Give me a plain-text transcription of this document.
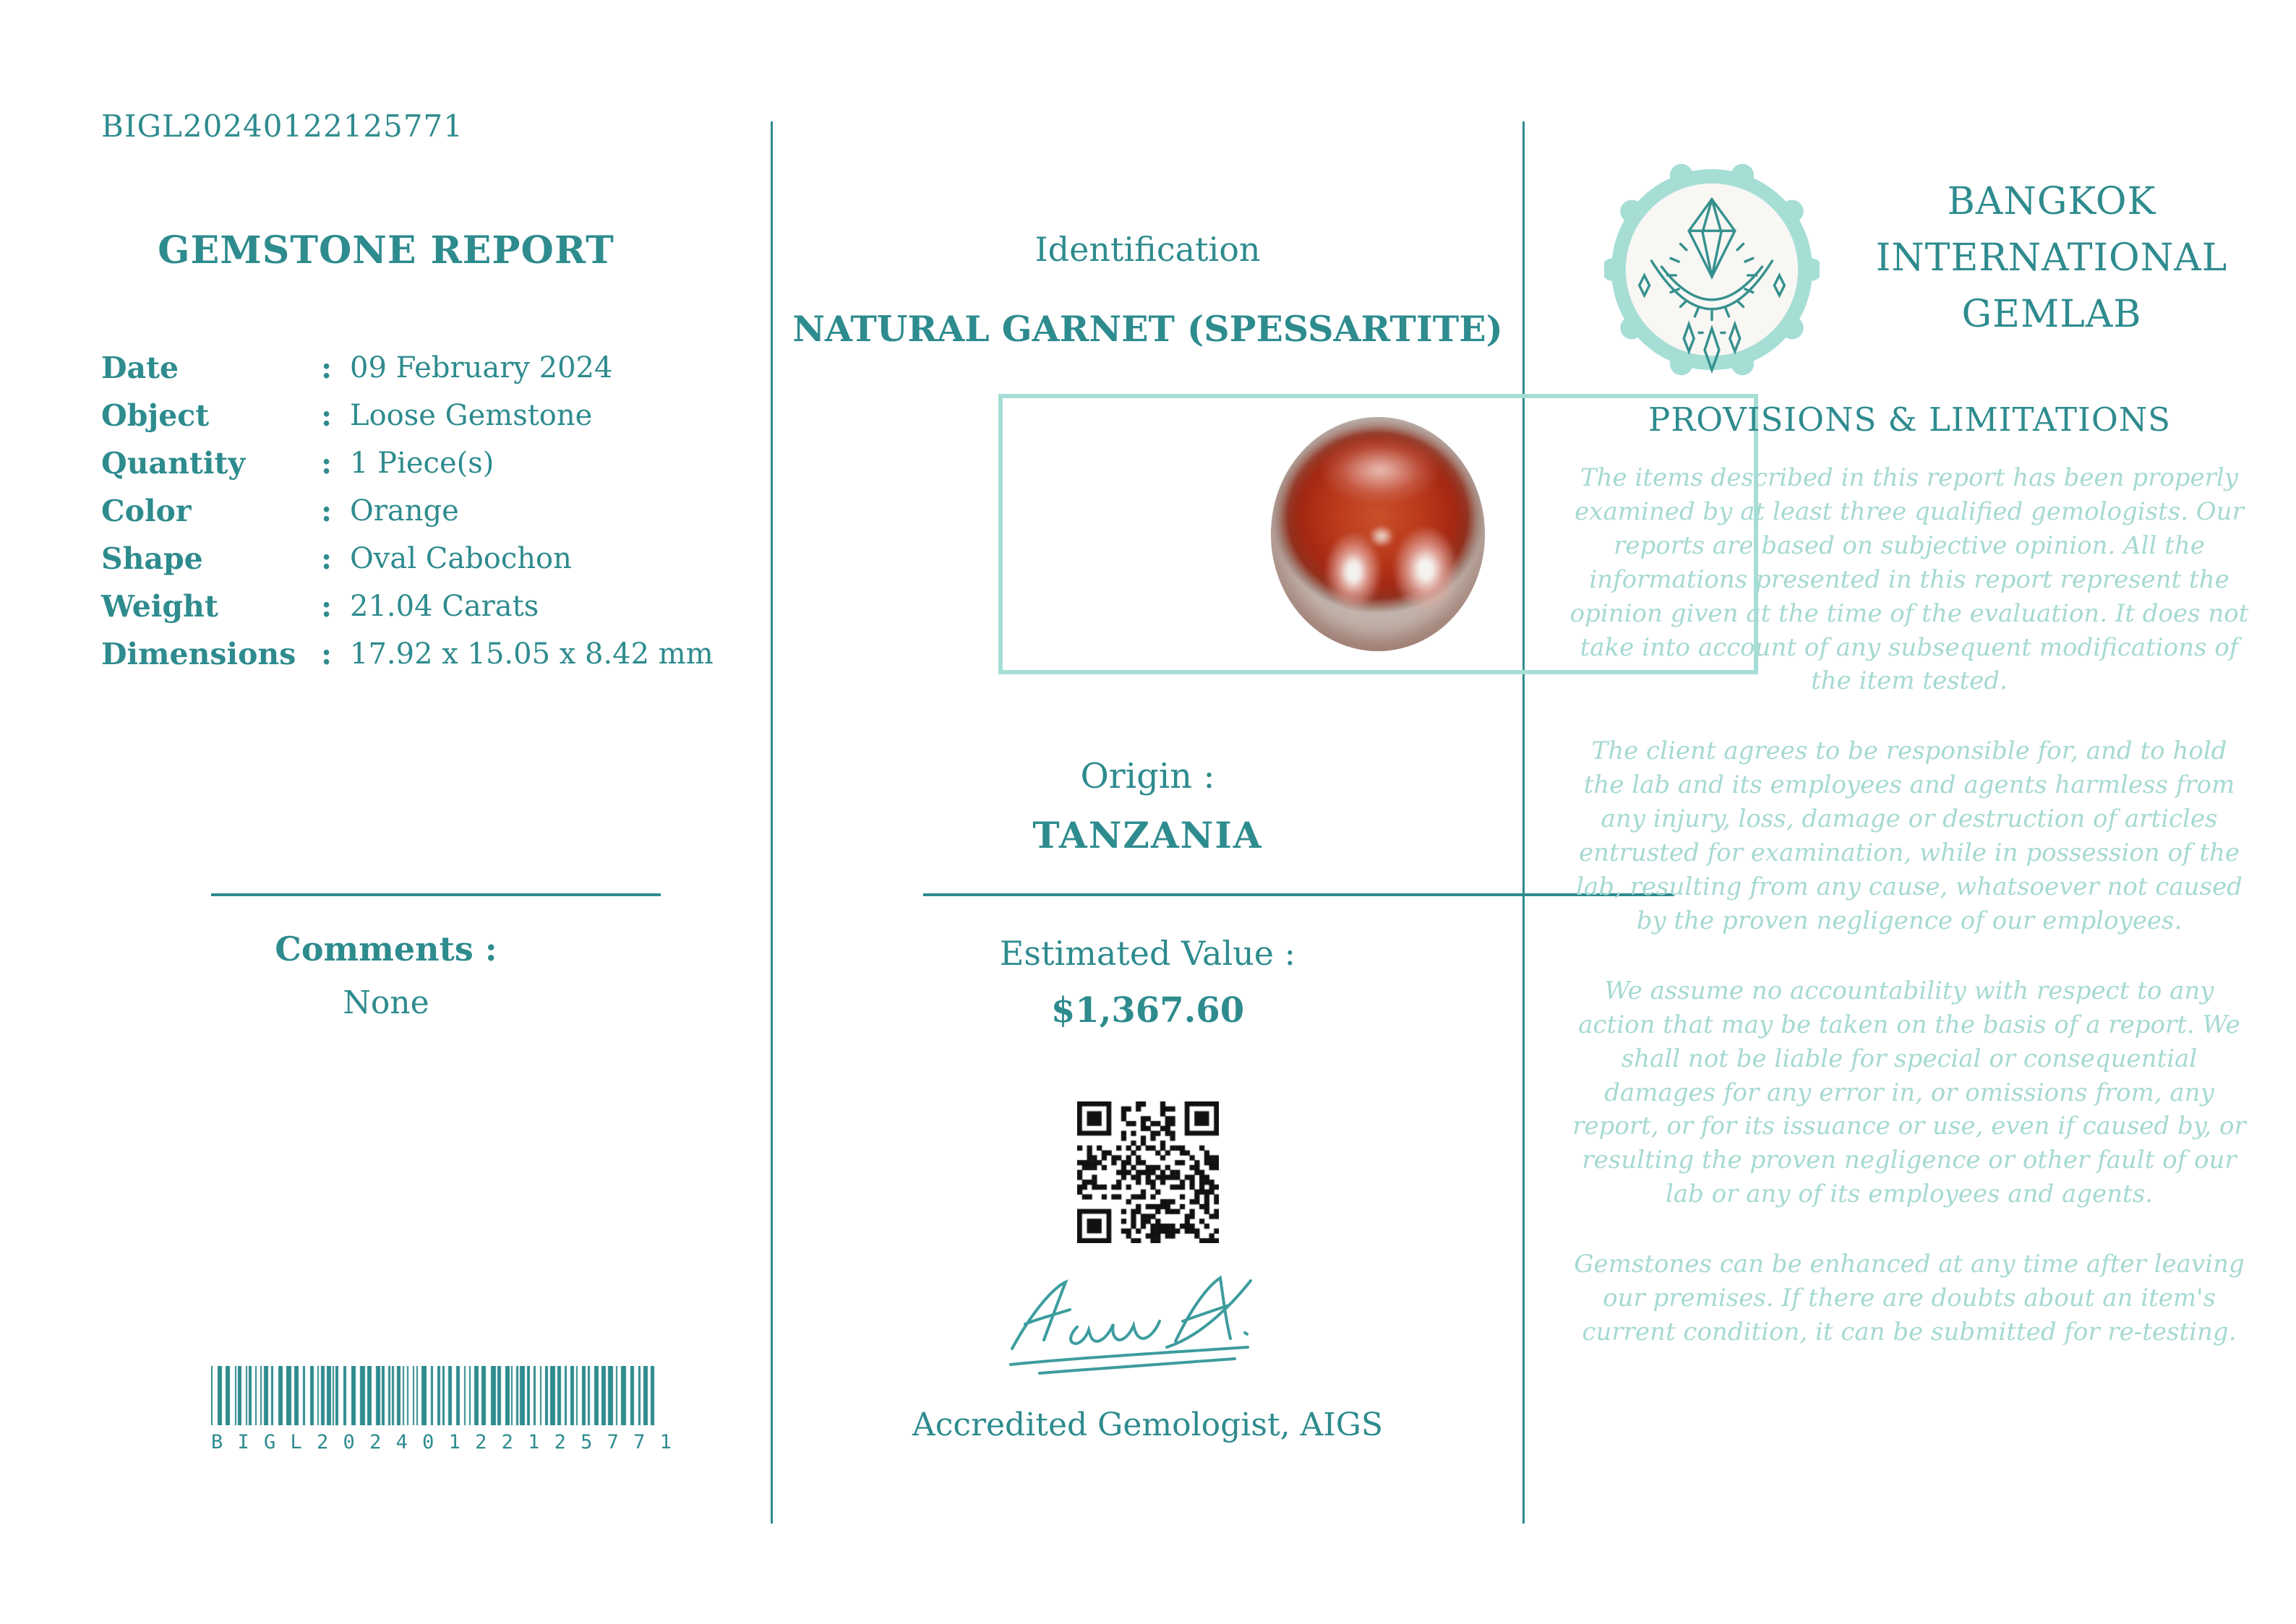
BIGL20240122125771
GEMSTONE REPORT
Date	: 09 February 2024
Object	: Loose Gemstone
Quantity	: 1 Piece(s)
Color	: Orange
Shape	: Oval Cabochon
Weight	: 21.04 Carats
Dimensions : 17.92 x 15.05 x 8.42 mm
Comments :
None
B I G L 2 0 2 4 0 1 2 2 1 2 5 7 7 1
Identification
NATURAL GARNET (SPESSARTITE)
Origin :
TANZANIA
Estimated Value :
$1,367.60
Accredited Gemologist, AIGS
BANGKOK
INTERNATIONAL
GEMLAB
PROVISIONS & LIMITATIONS

The items described in this report has been properly examined by at least three qualified gemologists. Our reports are based on subjective opinion. All the informations presented in this report represent the opinion given at the time of the evaluation. It does not take into account of any subsequent modifications of the item tested.

The client agrees to be responsible for, and to hold the lab and its employees and agents harmless from any injury, loss, damage or destruction of articles entrusted for examination, while in possession of the lab, resulting from any cause, whatsoever not caused by the proven negligence of our employees.

We assume no accountability with respect to any action that may be taken on the basis of a report. We shall not be liable for special or consequential damages for any error in, or omissions from, any report, or for its issuance or use, even if caused by, or resulting the proven negligence or other fault of our lab or any of its employees and agents.

Gemstones can be enhanced at any time after leaving our premises. If there are doubts about an item's current condition, it can be submitted for re-testing.
